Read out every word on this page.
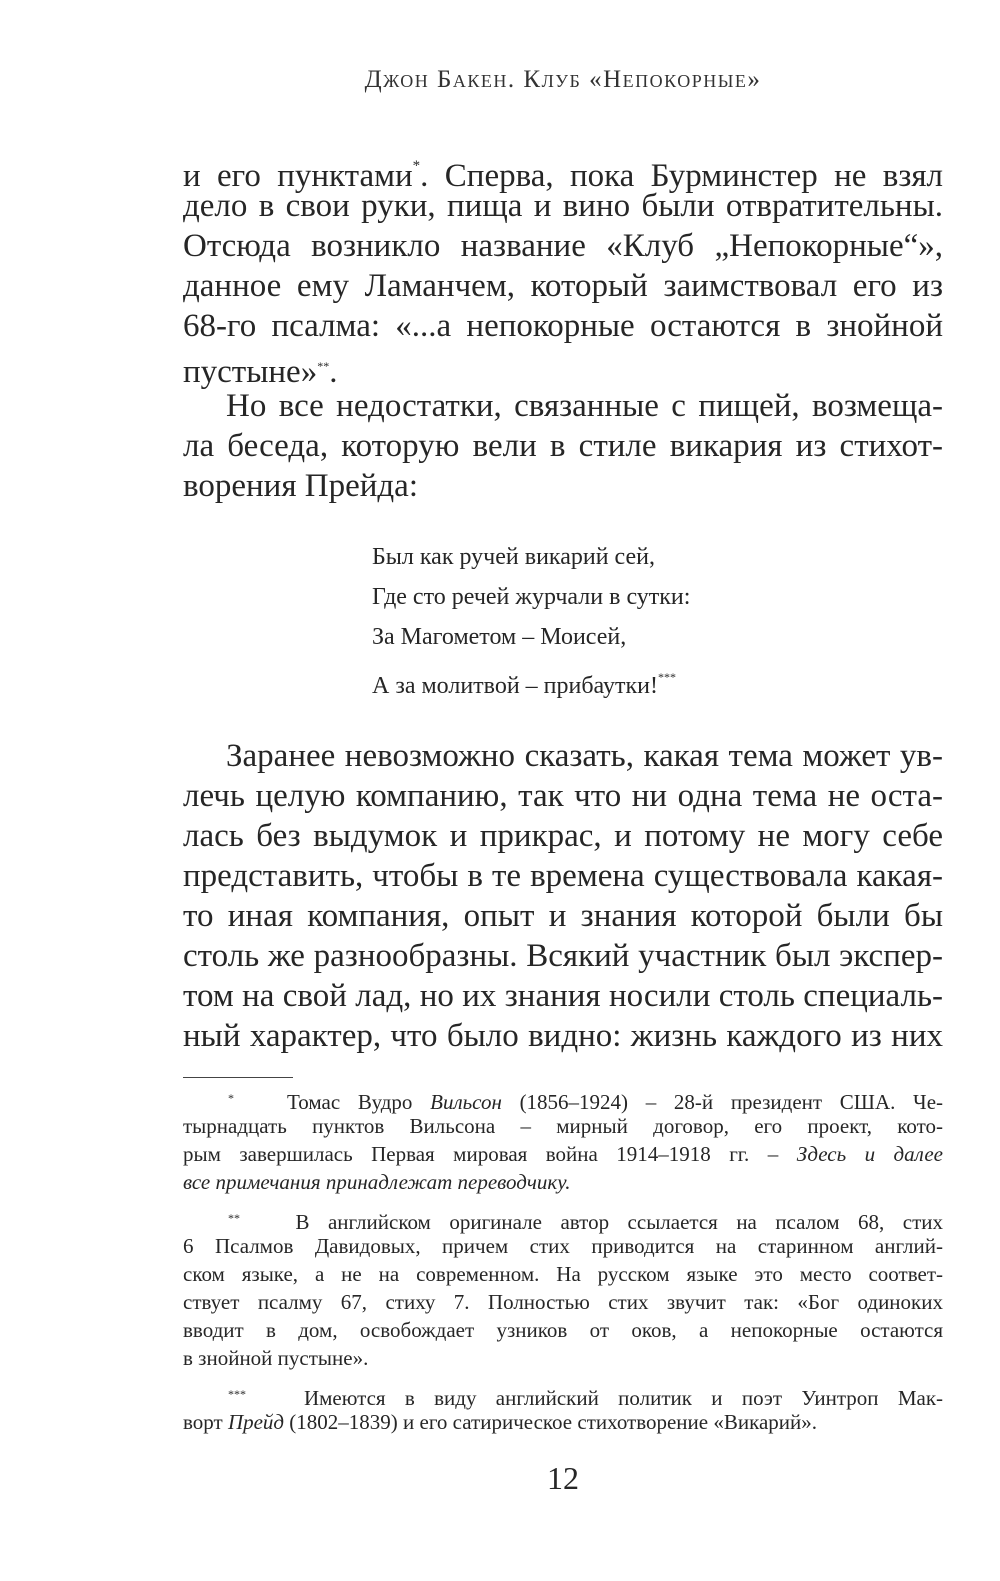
Джон Бакен. Клуб «Непокорные»
и его пунктами*. Сперва, пока Бурминстер не взял
дело в свои руки, пища и вино были отвратительны.
Отсюда возникло название «Клуб „Непокорные“»,
данное ему Ламанчем, который заимствовал его из
68-го псалма: «...а непокорные остаются в знойной
пустыне»**.
Но все недостатки, связанные с пищей, возмеща-
ла беседа, которую вели в стиле викария из стихот-
ворения Прейда:
Был как ручей викарий сей,
Где сто речей журчали в сутки:
За Магометом – Моисей,
А за молитвой – прибаутки!***
Заранее невозможно сказать, какая тема может ув-
лечь целую компанию, так что ни одна тема не оста-
лась без выдумок и прикрас, и потому не могу себе
представить, чтобы в те времена существовала какая-
то иная компания, опыт и знания которой были бы
столь же разнообразны. Всякий участник был экспер-
том на свой лад, но их знания носили столь специаль-
ный характер, что было видно: жизнь каждого из них
*	Томас Вудро Вильсон (1856–1924) – 28-й президент США. Че-
тырнадцать пунктов Вильсона – мирный договор, его проект, кото-
рым завершилась Первая мировая война 1914–1918 гг. – Здесь и далее
все примечания принадлежат переводчику.
**	В английском оригинале автор ссылается на псалом 68, стих
6 Псалмов Давидовых, причем стих приводится на старинном англий-
ском языке, а не на современном. На русском языке это место соответ-
ствует псалму 67, стиху 7. Полностью стих звучит так: «Бог одиноких
вводит в дом, освобождает узников от оков, а непокорные остаются
в знойной пустыне».
***	Имеются в виду английский политик и поэт Уинтроп Мак-
ворт Прейд (1802–1839) и его сатирическое стихотворение «Викарий».
12
